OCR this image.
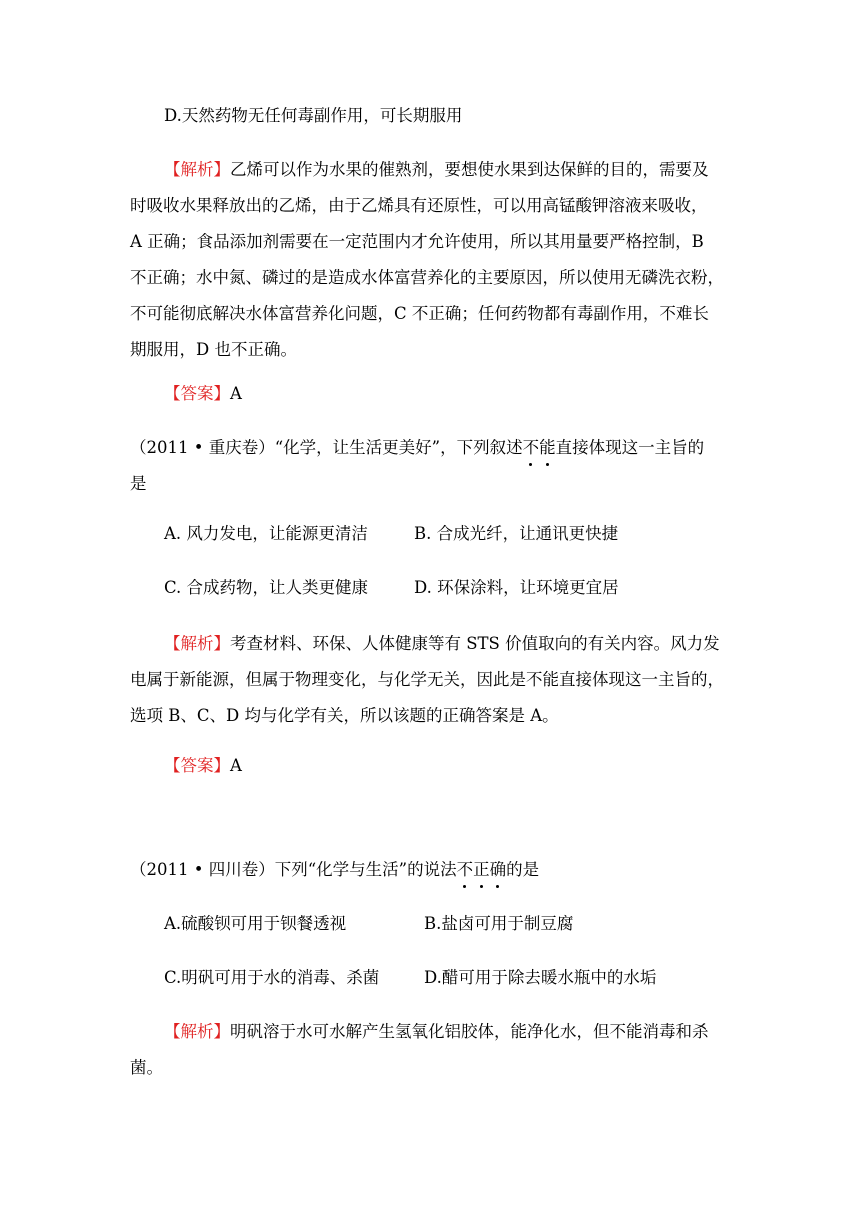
D.天然药物无任何毒副作用，可长期服用
【解析】乙烯可以作为水果的催熟剂，要想使水果到达保鲜的目的，需要及
时吸收水果释放出的乙烯，由于乙烯具有还原性，可以用高锰酸钾溶液来吸收，
A 正确；食品添加剂需要在一定范围内才允许使用，所以其用量要严格控制，B
不正确；水中氮、磷过的是造成水体富营养化的主要原因，所以使用无磷洗衣粉，
不可能彻底解决水体富营养化问题，C 不正确；任何药物都有毒副作用，不难长
期服用，D 也不正确。
【答案】A
（2011 • 重庆卷）“化学，让生活更美好”，下列叙述不能直接体现这一主旨的
是
A. 风力发电，让能源更清洁	B. 合成光纤，让通讯更快捷
C. 合成药物，让人类更健康	D. 环保涂料，让环境更宜居
【解析】考查材料、环保、人体健康等有 STS 价值取向的有关内容。风力发
电属于新能源，但属于物理变化，与化学无关，因此是不能直接体现这一主旨的，
选项 B、C、D 均与化学有关，所以该题的正确答案是 A。
【答案】A
（2011 • 四川卷）下列“化学与生活”的说法不正确的是
A.硫酸钡可用于钡餐透视	B.盐卤可用于制豆腐
C.明矾可用于水的消毒、杀菌	D.醋可用于除去暖水瓶中的水垢
【解析】明矾溶于水可水解产生氢氧化铝胶体，能净化水，但不能消毒和杀
菌。
